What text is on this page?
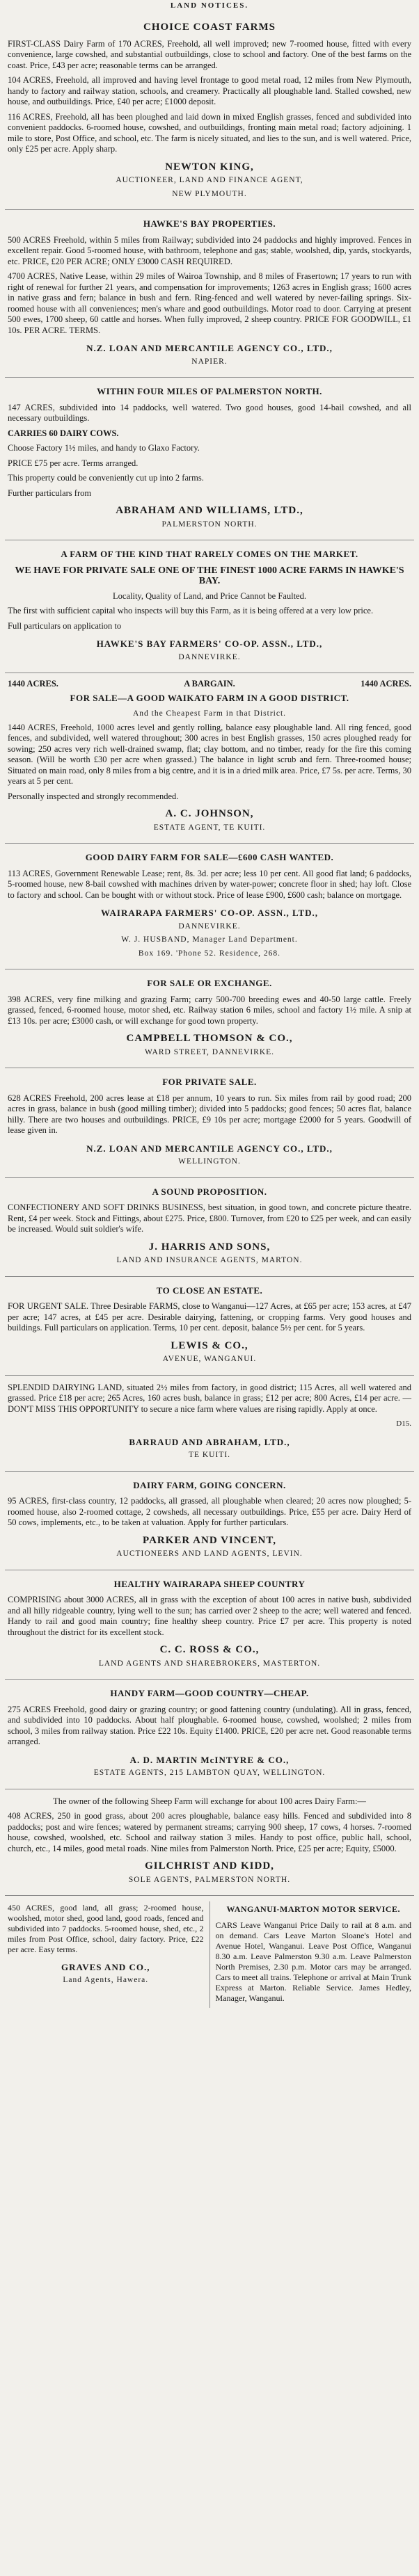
LAND NOTICES.
CHOICE COAST FARMS

FIRST-CLASS Dairy Farm of 170 ACRES, Freehold, all well improved; new 7-roomed house, fitted with every convenience, large cowshed, and substantial outbuildings, close to school and factory. One of the best farms on the coast. Price, £43 per acre; reasonable terms can be arranged.

104 ACRES, Freehold, all improved and having level frontage to good metal road, 12 miles from New Plymouth, handy to factory and railway station, schools, and creamery. Practically all ploughable land. Stalled cowshed, new house, and outbuildings. Price, £40 per acre; £1000 deposit.

116 ACRES, Freehold, all has been ploughed and laid down in mixed English grasses, fenced and subdivided into convenient paddocks. 6-roomed house, cowshed, and outbuildings, fronting main metal road; factory adjoining. 1 mile to store, Post Office, and school, etc. The farm is nicely situated, and lies to the sun, and is well watered. Price, only £25 per acre. Apply sharp.

NEWTON KING,
AUCTIONEER, LAND AND FINANCE AGENT,
NEW PLYMOUTH.
HAWKE'S BAY PROPERTIES.

500 ACRES Freehold, within 5 miles from Railway; subdivided into 24 paddocks and highly improved. Fences in excellent repair. Good 5-roomed house, with bathroom, telephone and gas; stable, woolshed, dip, yards, stockyards, etc. PRICE, £20 PER ACRE; ONLY £3000 CASH REQUIRED.

4700 ACRES, Native Lease, within 29 miles of Wairoa Township, and 8 miles of Frasertown; 17 years to run with right of renewal for further 21 years, and compensation for improvements; 1263 acres in English grass; 1600 acres in native grass and fern; balance in bush and fern. Ring-fenced and well watered by never-failing springs. Six-roomed house with all conveniences; men's whare and good outbuildings. Motor road to door. Carrying at present 500 ewes, 1700 sheep, 60 cattle and horses. When fully improved, 2 sheep country. PRICE FOR GOODWILL, £1 10s. PER ACRE. TERMS.

N.Z. LOAN AND MERCANTILE AGENCY CO., LTD.,
NAPIER.
WITHIN FOUR MILES OF PALMERSTON NORTH.

147 ACRES, subdivided into 14 paddocks, well watered. Two good houses, good 14-bail cowshed, and all necessary outbuildings.

CARRIES 60 DAIRY COWS.

Choose Factory 1½ miles, and handy to Glaxo Factory.

PRICE £75 per acre. Terms arranged.

This property could be conveniently cut up into 2 farms.

Further particulars from

ABRAHAM AND WILLIAMS, LTD.,
PALMERSTON NORTH.
A FARM OF THE KIND THAT RARELY COMES ON THE MARKET.

WE HAVE FOR PRIVATE SALE ONE OF THE FINEST 1000 ACRE FARMS IN HAWKE'S BAY.

Locality, Quality of Land, and Price Cannot be Faulted.

The first with sufficient capital who inspects will buy this Farm, as it is being offered at a very low price.

Full particulars on application to

HAWKE'S BAY FARMERS' CO-OP. ASSN., LTD.,
DANNEVIRKE.
1440 ACRES.	A BARGAIN.	1440 ACRES.
FOR SALE—A GOOD WAIKATO FARM IN A GOOD DISTRICT.
And the Cheapest Farm in that District.

1440 ACRES, Freehold, 1000 acres level and gently rolling, balance easy ploughable land. All ring fenced, good fences, and subdivided, well watered throughout; 300 acres in best English grasses, 150 acres ploughed ready for sowing; 250 acres very rich well-drained swamp, flat; clay bottom, and no timber, ready for the fire this coming season. (Will be worth £30 per acre when grassed.) The balance in light scrub and fern. Three-roomed house; Situated on main road, only 8 miles from a big centre, and it is in a dried milk area. Price, £7 5s. per acre. Terms, 30 years at 5 per cent.

Personally inspected and strongly recommended.

A. C. JOHNSON,
ESTATE AGENT, TE KUITI.
GOOD DAIRY FARM FOR SALE—£600 CASH WANTED.

113 ACRES, Government Renewable Lease; rent, 8s. 3d. per acre; less 10 per cent. All good flat land; 6 paddocks, 5-roomed house, new 8-bail cowshed with machines driven by water-power; concrete floor in shed; hay loft. Close to factory and school. Can be bought with or without stock. Price of lease £900, £600 cash; balance on mortgage.

WAIRARAPA FARMERS' CO-OP. ASSN., LTD.,
DANNEVIRKE.
W. J. HUSBAND, Manager Land Department.
Box 169. 'Phone 52. Residence, 268.
FOR SALE OR EXCHANGE.

398 ACRES, very fine milking and grazing Farm; carry 500-700 breeding ewes and 40-50 large cattle. Freely grassed, fenced, 6-roomed house, motor shed, etc. Railway station 6 miles, school and factory 1½ mile. A snip at £13 10s. per acre; £3000 cash, or will exchange for good town property.

CAMPBELL THOMSON & CO.,
WARD STREET, DANNEVIRKE.
FOR PRIVATE SALE.

628 ACRES Freehold, 200 acres lease at £18 per annum, 10 years to run. Six miles from rail by good road; 200 acres in grass, balance in bush (good milling timber); divided into 5 paddocks; good fences; 50 acres flat, balance hilly. There are two houses and outbuildings. PRICE, £9 10s per acre; mortgage £2000 for 5 years. Goodwill of lease given in.

N.Z. LOAN AND MERCANTILE AGENCY CO., LTD.,
WELLINGTON.
A SOUND PROPOSITION.

CONFECTIONERY AND SOFT DRINKS BUSINESS, best situation, in good town, and concrete picture theatre. Rent, £4 per week. Stock and Fittings, about £275. Price, £800. Turnover, from £20 to £25 per week, and can easily be increased. Would suit soldier's wife.

J. HARRIS AND SONS,
LAND AND INSURANCE AGENTS, MARTON.
TO CLOSE AN ESTATE.

FOR URGENT SALE. Three Desirable FARMS, close to Wanganui—127 Acres, at £65 per acre; 153 acres, at £47 per acre; 147 acres, at £45 per acre. Desirable dairying, fattening, or cropping farms. Very good houses and buildings. Full particulars on application. Terms, 10 per cent. deposit, balance 5½ per cent. for 5 years.

LEWIS & CO.,
AVENUE, WANGANUI.

SPLENDID DAIRYING LAND, situated 2½ miles from factory, in good district; 115 Acres, all well watered and grassed. Price £18 per acre; 265 Acres, 160 acres bush, balance in grass; £12 per acre; 800 Acres, £14 per acre. — DON'T MISS THIS OPPORTUNITY to secure a nice farm where values are rising rapidly. Apply at once.

D15.
BARRAUD AND ABRAHAM, LTD.,
TE KUITI.
DAIRY FARM, GOING CONCERN.

95 ACRES, first-class country, 12 paddocks, all grassed, all ploughable when cleared; 20 acres now ploughed; 5-roomed house, also 2-roomed cottage, 2 cowsheds, all necessary outbuildings. Price, £55 per acre. Dairy Herd of 50 cows, implements, etc., to be taken at valuation. Apply for further particulars.

PARKER AND VINCENT,
AUCTIONEERS AND LAND AGENTS, LEVIN.
HEALTHY WAIRARAPA SHEEP COUNTRY

COMPRISING about 3000 ACRES, all in grass with the exception of about 100 acres in native bush, subdivided and all hilly ridgeable country, lying well to the sun; has carried over 2 sheep to the acre; well watered and fenced. Handy to rail and good main country; fine healthy sheep country. Price £7 per acre. This property is noted throughout the district for its excellent stock.

C. C. ROSS & CO.,
LAND AGENTS AND SHAREBROKERS, MASTERTON.
HANDY FARM—GOOD COUNTRY—CHEAP.

275 ACRES Freehold, good dairy or grazing country; or good fattening country (undulating). All in grass, fenced, and subdivided into 10 paddocks. About half ploughable. 6-roomed house, cowshed, woolshed; 2 miles from school, 3 miles from railway station. Price £22 10s. Equity £1400. PRICE, £20 per acre net. Good reasonable terms arranged.

A. D. MARTIN McINTYRE & CO.,
ESTATE AGENTS, 215 LAMBTON QUAY, WELLINGTON.

The owner of the following Sheep Farm will exchange for about 100 acres Dairy Farm:—

408 ACRES, 250 in good grass, about 200 acres ploughable, balance easy hills. Fenced and subdivided into 8 paddocks; post and wire fences; watered by permanent streams; carrying 900 sheep, 17 cows, 4 horses. 7-roomed house, cowshed, woolshed, etc. School and railway station 3 miles. Handy to post office, public hall, school, church, etc., 14 miles, good metal roads. Nine miles from Palmerston North. Price, £25 per acre; Equity, £5000.

GILCHRIST AND KIDD,
SOLE AGENTS, PALMERSTON NORTH.

450 ACRES, good land, all grass; 2-roomed house, woolshed, motor shed, good land, good roads, fenced and subdivided into 7 paddocks. 5-roomed house, shed, etc., 2 miles from Post Office, school, dairy factory. Price, £22 per acre. Easy terms.

GRAVES AND CO.,
Land Agents, Hawera.
WANGANUI-MARTON MOTOR SERVICE.

CARS Leave Wanganui Price Daily to rail at 8 a.m. and on demand. Cars Leave Marton Sloane's Hotel and Avenue Hotel, Wanganui. Leave Post Office, Wanganui 8.30 a.m. Leave Palmerston 9.30 a.m. Leave Palmerston North Premises, 2.30 p.m. Motor cars may be arranged. Cars to meet all trains. Telephone or arrival at Main Trunk Express at Marton. Reliable Service. James Hedley, Manager, Wanganui.
